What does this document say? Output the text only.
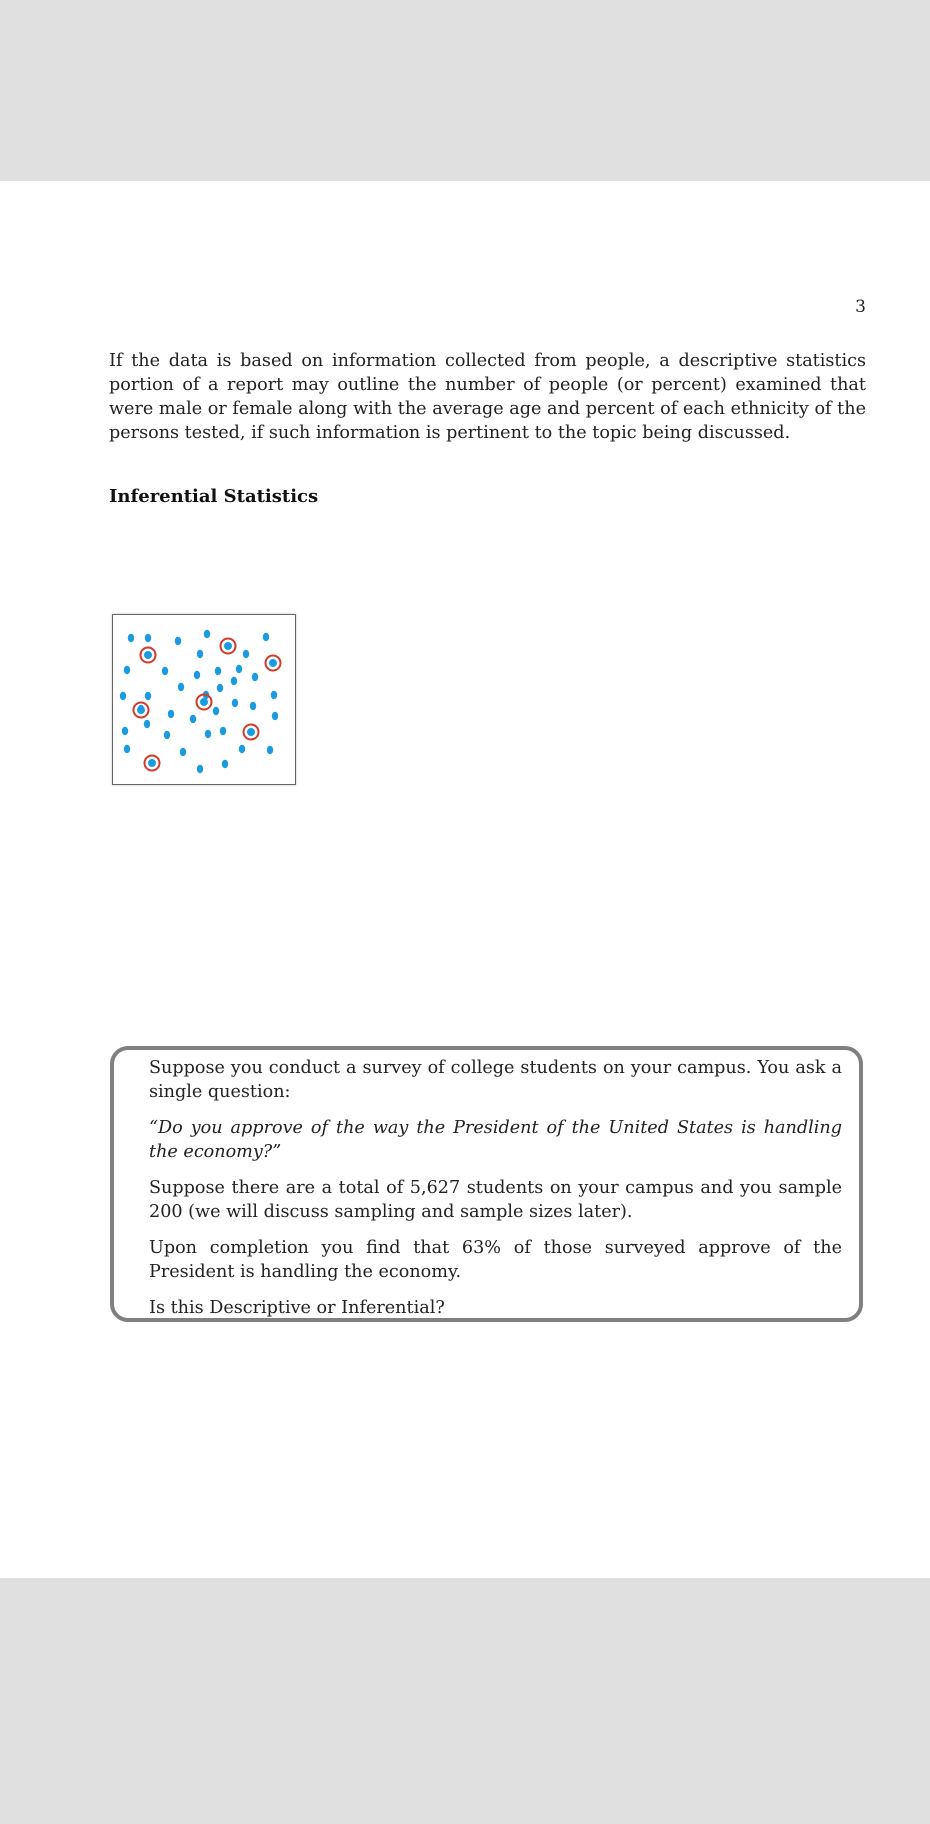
3

If the data is based on information collected from people, a descriptive statistics portion of a report may outline the number of people (or percent) examined that were male or female along with the average age and percent of each ethnicity of the persons tested, if such information is pertinent to the topic being discussed.

Inferential Statistics

Suppose you conduct a survey of college students on your campus. You ask a single question:

“Do you approve of the way the President of the United States is handling the economy?”

Suppose there are a total of 5,627 students on your campus and you sample 200 (we will discuss sampling and sample sizes later).

Upon completion you find that 63% of those surveyed approve of the President is handling the economy.

Is this Descriptive or Inferential?
